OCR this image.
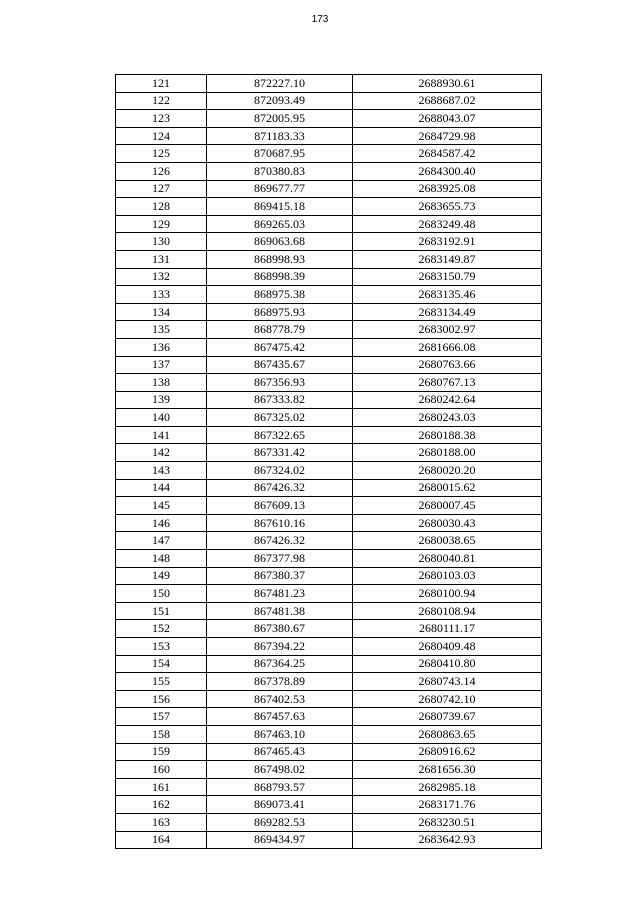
173
121	872227.10	2688930.61
122	872093.49	2688687.02
123	872005.95	2688043.07
124	871183.33	2684729.98
125	870687.95	2684587.42
126	870380.83	2684300.40
127	869677.77	2683925.08
128	869415.18	2683655.73
129	869265.03	2683249.48
130	869063.68	2683192.91
131	868998.93	2683149.87
132	868998.39	2683150.79
133	868975.38	2683135.46
134	868975.93	2683134.49
135	868778.79	2683002.97
136	867475.42	2681666.08
137	867435.67	2680763.66
138	867356.93	2680767.13
139	867333.82	2680242.64
140	867325.02	2680243.03
141	867322.65	2680188.38
142	867331.42	2680188.00
143	867324.02	2680020.20
144	867426.32	2680015.62
145	867609.13	2680007.45
146	867610.16	2680030.43
147	867426.32	2680038.65
148	867377.98	2680040.81
149	867380.37	2680103.03
150	867481.23	2680100.94
151	867481.38	2680108.94
152	867380.67	2680111.17
153	867394.22	2680409.48
154	867364.25	2680410.80
155	867378.89	2680743.14
156	867402.53	2680742.10
157	867457.63	2680739.67
158	867463.10	2680863.65
159	867465.43	2680916.62
160	867498.02	2681656.30
161	868793.57	2682985.18
162	869073.41	2683171.76
163	869282.53	2683230.51
164	869434.97	2683642.93
